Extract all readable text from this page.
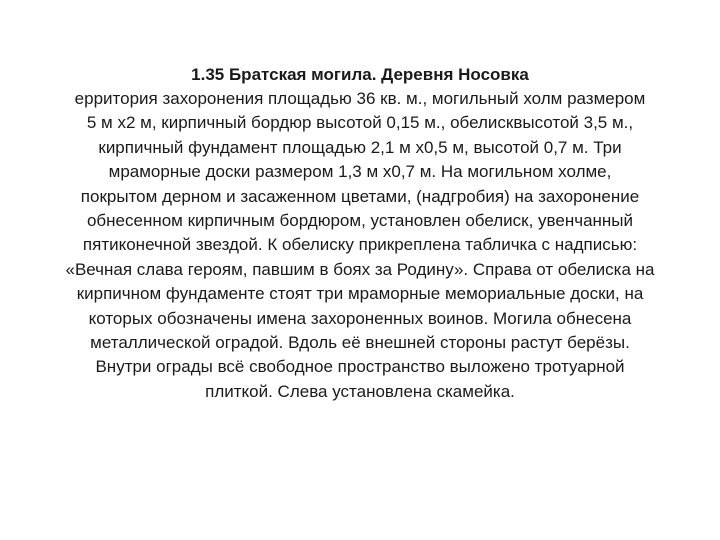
1.35 Братская могила. Деревня Носовка
ерритория захоронения площадью 36 кв. м., могильный холм размером
5 м х2 м, кирпичный бордюр высотой 0,15 м., обелисквысотой 3,5 м.,
кирпичный фундамент площадью 2,1 м х0,5 м, высотой 0,7 м. Три
мраморные доски размером 1,3 м х0,7 м. На могильном холме,
покрытом дерном и засаженном цветами, (надгробия) на захоронение
обнесенном кирпичным бордюром, установлен обелиск, увенчанный
пятиконечной звездой. К обелиску прикреплена табличка с надписью:
«Вечная слава героям, павшим в боях за Родину». Справа от обелиска на
кирпичном фундаменте стоят три мраморные мемориальные доски, на
которых обозначены имена захороненных воинов. Могила обнесена
металлической оградой. Вдоль её внешней стороны растут берёзы.
Внутри ограды всё свободное пространство выложено тротуарной
плиткой. Слева установлена скамейка.
